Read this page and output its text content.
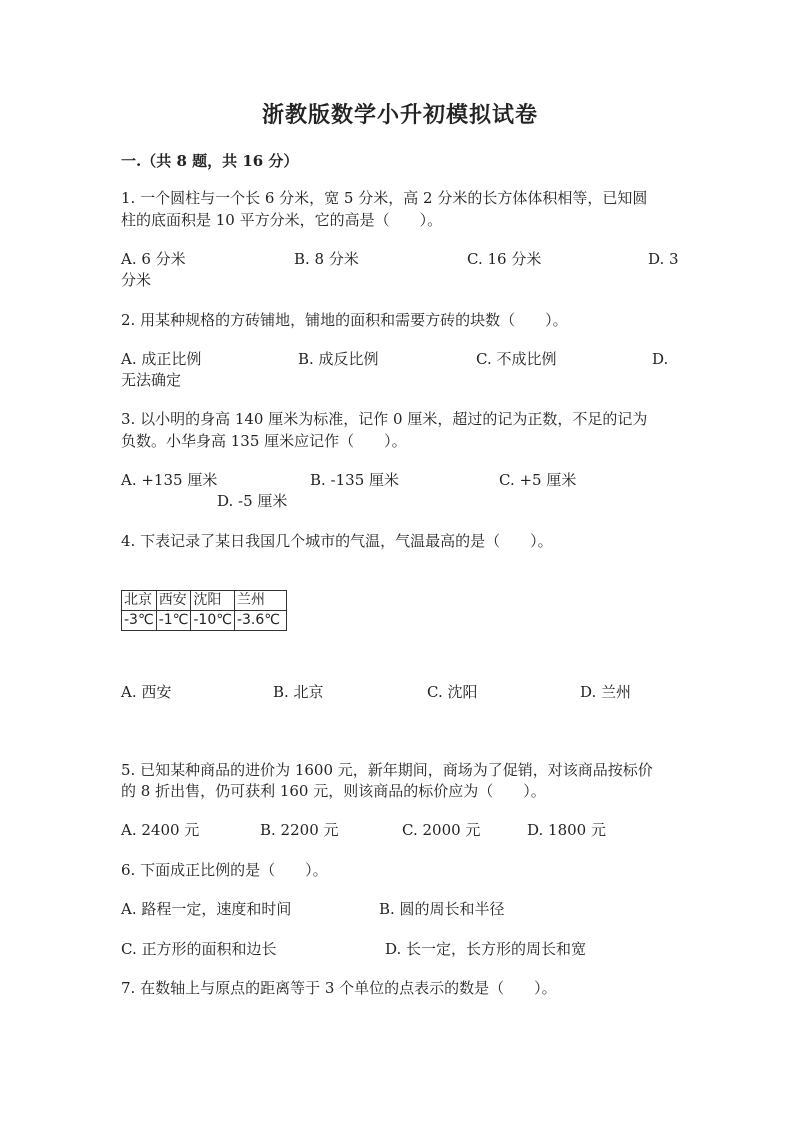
浙教版数学小升初模拟试卷
一.（共 8 题，共 16 分）
1. 一个圆柱与一个长 6 分米，宽 5 分米，高 2 分米的长方体体积相等，已知圆
柱的底面积是 10 平方分米，它的高是（　　）。
A. 6 分米	B. 8 分米	C. 16 分米	D. 3
分米
2. 用某种规格的方砖铺地，铺地的面积和需要方砖的块数（　　）。
A. 成正比例	B. 成反比例	C. 不成比例	D.
无法确定
3. 以小明的身高 140 厘米为标准，记作 0 厘米，超过的记为正数，不足的记为
负数。小华身高 135 厘米应记作（　　）。
A. +135 厘米	B. -135 厘米	C. +5 厘米
D. -5 厘米
4. 下表记录了某日我国几个城市的气温，气温最高的是（　　）。
北京	西安	沈阳	兰州
-3℃	-1℃	-10℃	-3.6℃
A. 西安	B. 北京	C. 沈阳	D. 兰州
5. 已知某种商品的进价为 1600 元，新年期间，商场为了促销，对该商品按标价
的 8 折出售，仍可获利 160 元，则该商品的标价应为（　　）。
A. 2400 元	B. 2200 元	C. 2000 元	D. 1800 元
6. 下面成正比例的是（　　）。
A. 路程一定，速度和时间	B. 圆的周长和半径
C. 正方形的面积和边长	D. 长一定，长方形的周长和宽
7. 在数轴上与原点的距离等于 3 个单位的点表示的数是（　　）。
